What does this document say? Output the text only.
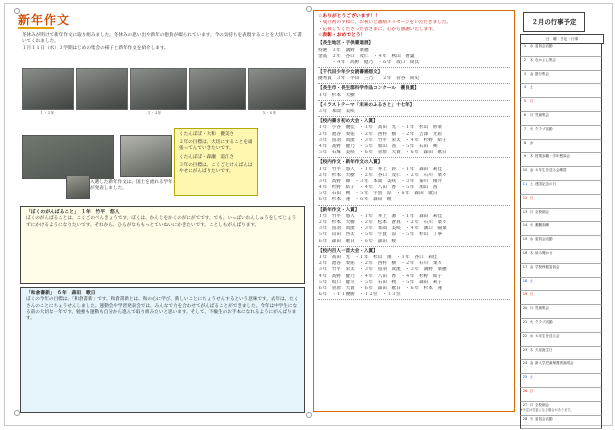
新年作文

冬休みが明けて新年作文に取り組みました。冬休みの思い出や新年の抱負が綴られています。今の気持ちを表現することを大切にして書いてくれました。

１月１１日（水）３学期はじめの集会の様子と新年作文を紹介します。

１・２年	３・４年	５・６年
入選した新年作文は、国土を流れる学年が発表しました。

くたんぽぽ・大和　優美さ

２年の目標は、大切にすることを頑張ってんでいきたいです。

くたんぽぽ・森瀬　道江さ

３年の目標は、こくごとけんばんはやせにがんばりたいです。

「ぼくのがんばること」　１年　竹平　悠人

ぼくのがんばることは、こくごのべんきょうです。ぼくは、かんじをかくのがにがてです。でも、いっぱいれんしゅうをしてじょうずにかけるようになりたいです。それから、ひらがなももっとていねいにかきたいです。ことしもがんばります。

「和倉書新」　６年　森田　歌日

ぼくの今年の目標は、「和倉書新」です。和倉書新とは、和の心に学び、新しいことにちょうせんするという意味です。去年は、たくさんのことにちょうせんしました。運動会や学習発表会では、みんなで力を合わせてがんばることができました。今年は中学生になる前の大切な一年です。勉強も運動も自分から進んで取り組みたいと思います。そして、下級生のお手本になれるようにがんばります。

☆ありがとうございます！！
・成立初の平和に、お祝いと激励メッセージをいただきました。
・応援してくださった皆さまに、心から感謝いたします。
☆表彰・おめでとう！
【長生地区・子供書道展】
特選　３年　溝野　菜穂
金賞　２年　谷口　茂仁　・４年　秋山　蒼葉
　　　・４年　高野　健乃　・６年　坂口　尚汰
【千代田少年少女読書感想文】
優秀賞　３年　平田　三乃　　２年　菅谷　尚史
【長生市・長生郡科学作品コンクール　優良賞】
１年　杉本　大樹
【イラストテーマ「未来のふるさと」十七年】
３年　本間　美咲
【校内書き初め大会・入賞】
１年　小谷　優佳　・１年　高田　光　・１年　杉山　紗菜
２年　池谷　奏佑　・２年　西村　樹　・２年　吉澤　光希
３年　鳥羽　貴流　・３年　竹平　栄太　・４年　杉野　結子
４年　高野　健乃　・５年　加山　茜　・５年　石田　朔
５年　石塚　美咲　・６年　菅原　大貴　・６年　森田　歌日
【校内作文・新年作文の入賞】
１年　竹平　悠人　・１年　井上　鈴　・１年　森田　莉佳
２年　杉本　大樹　・２年　谷口　茂仁　・２年　石川　菜々
３年　高野　舞　・３年　本間　美咲　・３年　菊川　俊介
４年　杉野　結子　・４年　八田　香　・５年　加山　茜
５年　石田　朔　・５年　宇賀　涼　・６年　森田　歌日
６年　杉本　蓮　・６年　森田　綾
【新年作文・入賞】
１年　竹平　悠人　・１年　井上　凛　・１年　森田　莉佳
２年　杉本　大樹　・２年　松本　蒼真　・２年　石川　菜々
３年　鳥羽　貴流　・３年　本間　美咲　・４年　溝口　陽菜
５年　山田　啓太　・５年　宇賀　涼　・５年　杉山　丁寧
６年　森田　歌日　・６年　森田　綾
【校内百人一首大会・入賞】
１年　高田　光　・１年　杉山　翔　・１年　谷口　莉佳
２年　池谷　奏佑　・２年　西村　樹　・２年　石川　菜々
３年　竹平　栄太　・３年　鳥羽　貴流　・３年　溝野　菜穂
４年　高野　健乃　・４年　八田　香　・４年　杉野　結子
５年　坂口　健斗　・５年　石田　朔　・５年　森田　莉子
６年　菅原　大貴　・６年　森田　歌日　・６年　杉本　蓮
６年　・Ｔ１優勝　・Ｔ２位　・Ｔ３位
２月の行事予定
日　曜　予定・行事
1	水 委員会活動
2	木 なかよし集会
3	金 節分集会
4	土
5	日
6	月 児童集会
7	火 クラブ活動
8	水
9	木 授業参観・学年懇談会
10 金 ６年生を送る会練習
11 土 建国記念の日
12 日
13 月 全校朝会
14 火 避難訓練
15 水 委員会活動
16 木 読み聞かせ
17 金 学校保健委員会
18 土
19 日
20 月 児童集会
21 火 クラブ活動
22 水 ６年生を送る会
23 木 天皇誕生日
24 金 新入学児童保護者説明会
25 土
26 日
27 月 全校朝会
28 火 委員会活動
※予定は変更になる場合があります。
